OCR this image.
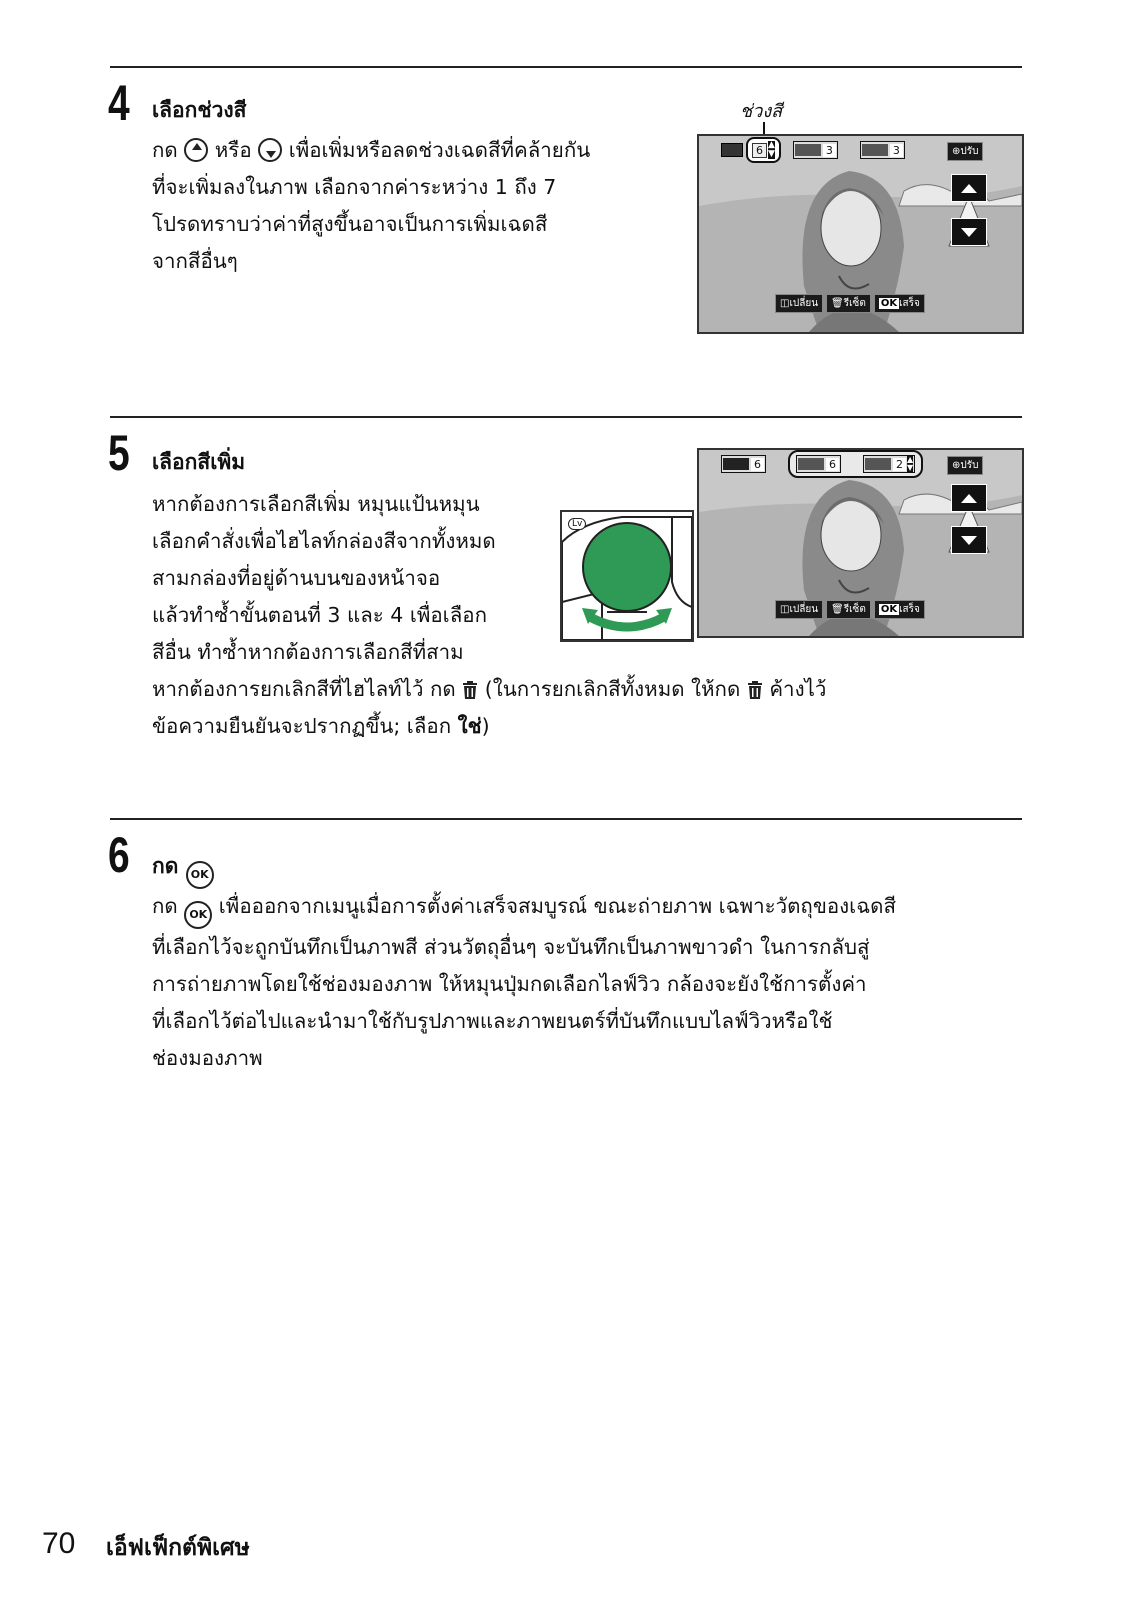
4 เลือกช่วงสี
กด หรือ เพื่อเพิ่มหรือลดช่วงเฉดสีที่คล้ายกัน
ที่จะเพิ่มลงในภาพ เลือกจากค่าระหว่าง 1 ถึง 7
โปรดทราบว่าค่าที่สูงขึ้นอาจเป็นการเพิ่มเฉดสี
จากสีอื่นๆ
ช่วงสี
6 ▲
▼	3	3	⊕ปรับ
◫เปลี่ยน	🗑รีเซ็ต	OK เสร็จ
5 เลือกสีเพิ่ม
หากต้องการเลือกสีเพิ่ม หมุนแป้นหมุน
เลือกคำสั่งเพื่อไฮไลท์กล่องสีจากทั้งหมด
สามกล่องที่อยู่ด้านบนของหน้าจอ
แล้วทำซ้ำขั้นตอนที่ 3 และ 4 เพื่อเลือก
สีอื่น ทำซ้ำหากต้องการเลือกสีที่สาม
หากต้องการยกเลิกสีที่ไฮไลท์ไว้ กด (ในการยกเลิกสีทั้งหมด ให้กด ค้างไว้
ข้อความยืนยันจะปรากฏขึ้น; เลือก ใช่)
Lv
6	6	2 ▲
▼	⊕ปรับ
◫เปลี่ยน	🗑รีเซ็ต	OK เสร็จ
6 กด OK
กด OK เพื่อออกจากเมนูเมื่อการตั้งค่าเสร็จสมบูรณ์ ขณะถ่ายภาพ เฉพาะวัตถุของเฉดสี
ที่เลือกไว้จะถูกบันทึกเป็นภาพสี ส่วนวัตถุอื่นๆ จะบันทึกเป็นภาพขาวดำ ในการกลับสู่
การถ่ายภาพโดยใช้ช่องมองภาพ ให้หมุนปุ่มกดเลือกไลฟ์วิว กล้องจะยังใช้การตั้งค่า
ที่เลือกไว้ต่อไปและนำมาใช้กับรูปภาพและภาพยนตร์ที่บันทึกแบบไลฟ์วิวหรือใช้
ช่องมองภาพ
70 เอ็ฟเฟ็กต์พิเศษ
